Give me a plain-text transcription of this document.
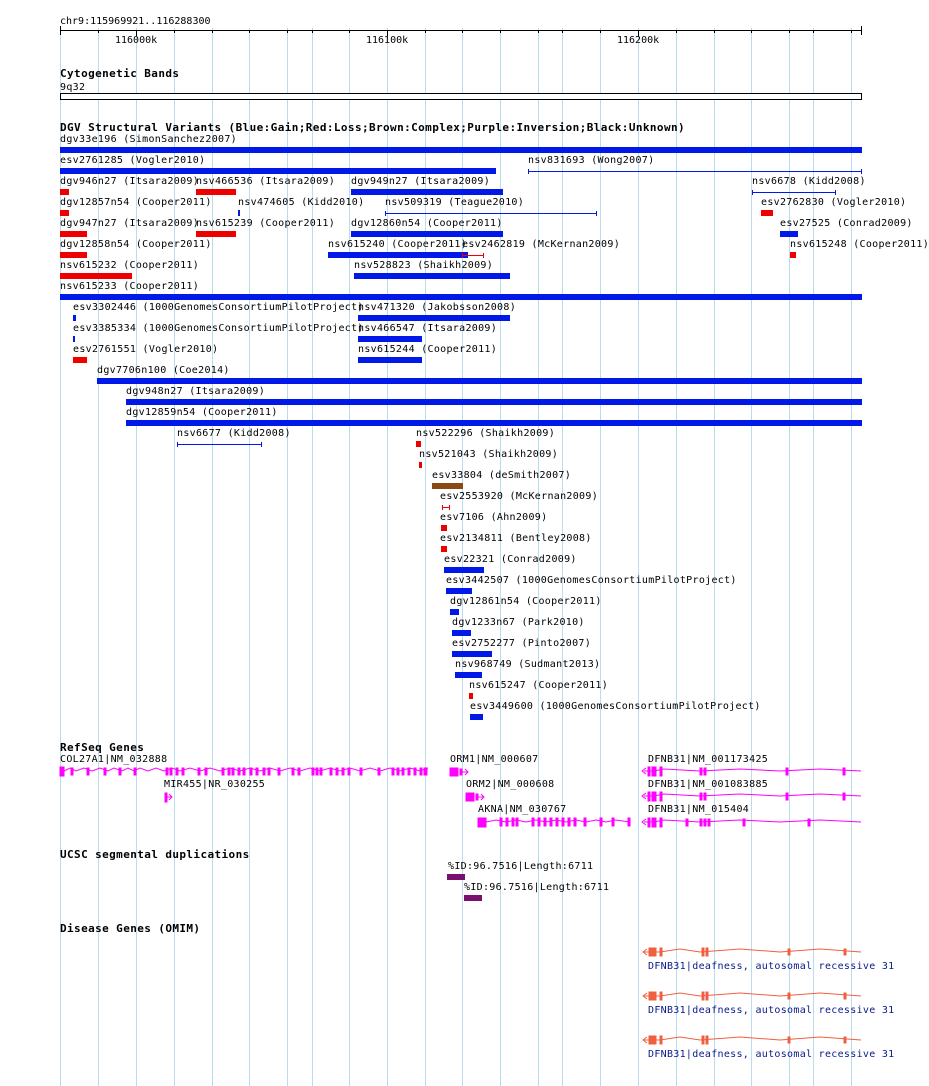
chr9:115969921..116288300
116000k	116100k	116200k
Cytogenetic Bands
9q32
DGV Structural Variants (Blue:Gain;Red:Loss;Brown:Complex;Purple:Inversion;Black:Unknown)
dgv33e196 (SimonSanchez2007)
esv2761285 (Vogler2010)	nsv831693 (Wong2007)
dgv946n27 (Itsara2009)
nsv466536 (Itsara2009) dgv949n27 (Itsara2009)	nsv6678 (Kidd2008)
dgv12857n54 (Cooper2011)	nsv474605 (Kidd2010) nsv509319 (Teague2010)	esv2762830 (Vogler2010)
dgv947n27 (Itsara2009)
nsv615239 (Cooper2011) dgv12860n54 (Cooper2011)	esv27525 (Conrad2009)
dgv12858n54 (Cooper2011)	nsv615240 (Cooper2011)
esv2462819 (McKernan2009)	nsv615248 (Cooper2011)
nsv615232 (Cooper2011)	nsv528823 (Shaikh2009)
nsv615233 (Cooper2011)
esv3302446 (1000GenomesConsortiumPilotProject)
nsv471320 (Jakobsson2008)
esv3385334 (1000GenomesConsortiumPilotProject)
nsv466547 (Itsara2009)
esv2761551 (Vogler2010)	nsv615244 (Cooper2011)
dgv7706n100 (Coe2014)
dgv948n27 (Itsara2009)
dgv12859n54 (Cooper2011)
nsv6677 (Kidd2008)	nsv522296 (Shaikh2009)
nsv521043 (Shaikh2009)
esv33804 (deSmith2007)
esv2553920 (McKernan2009)
esv7106 (Ahn2009)
esv2134811 (Bentley2008)
esv22321 (Conrad2009)
esv3442507 (1000GenomesConsortiumPilotProject)
dgv12861n54 (Cooper2011)
dgv1233n67 (Park2010)
esv2752277 (Pinto2007)
nsv968749 (Sudmant2013)
nsv615247 (Cooper2011)
esv3449600 (1000GenomesConsortiumPilotProject)
RefSeq Genes
COL27A1|NM_032888
MIR455|NR_030255
ORM1|NM_000607
ORM2|NM_000608
AKNA|NM_030767
DFNB31|NM_001173425
DFNB31|NM_001083885
DFNB31|NM_015404
UCSC segmental duplications
%ID:96.7516|Length:6711
%ID:96.7516|Length:6711
Disease Genes (OMIM)
DFNB31|deafness, autosomal recessive 31
DFNB31|deafness, autosomal recessive 31
DFNB31|deafness, autosomal recessive 31
